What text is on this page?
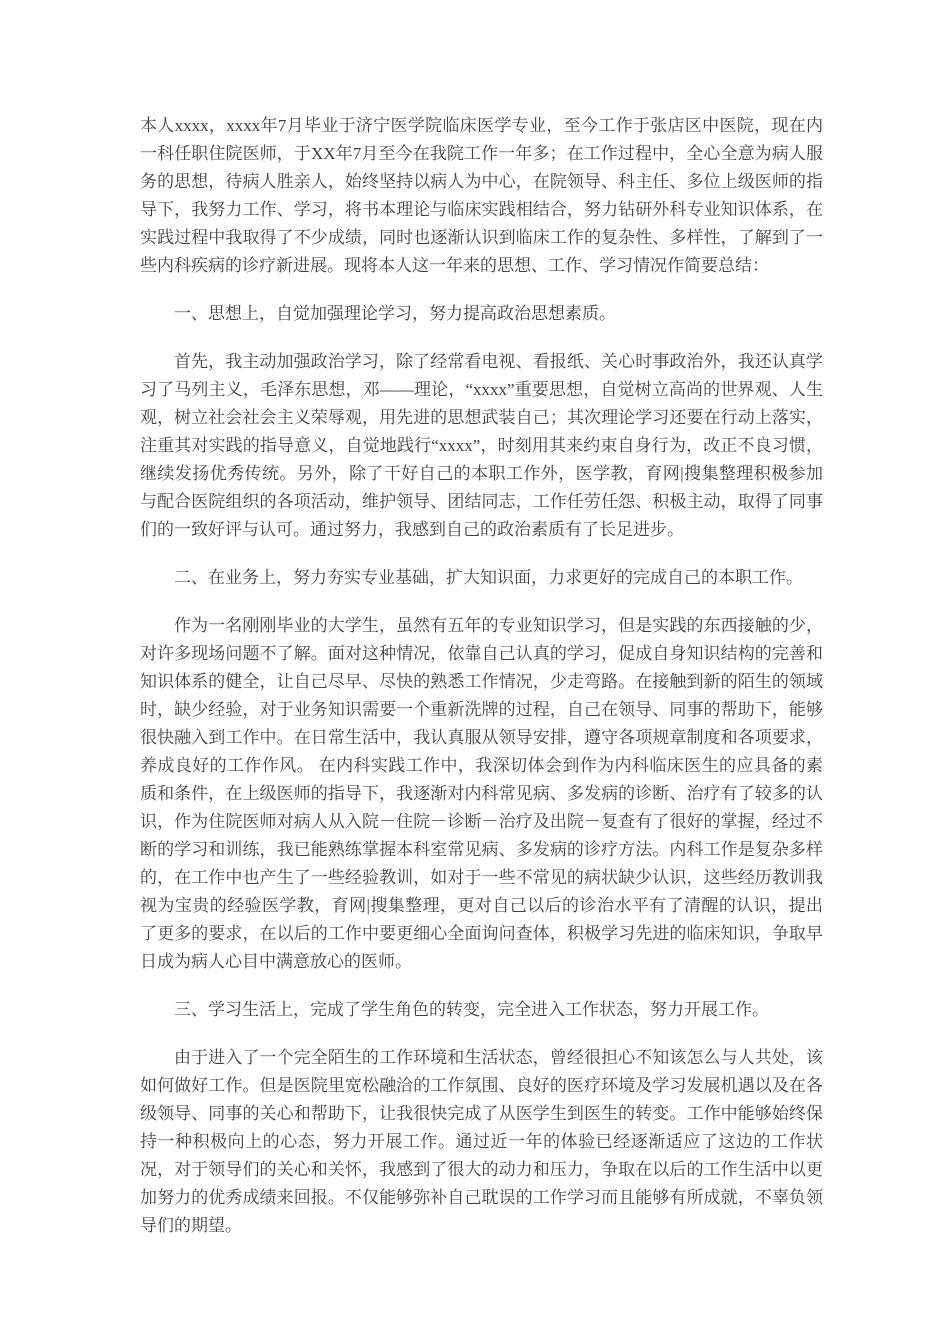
本人xxxx，xxxx年7月毕业于济宁医学院临床医学专业，至今工作于张店区中医院，现在内一科任职住院医师，于XX年7月至今在我院工作一年多；在工作过程中，全心全意为病人服务的思想，待病人胜亲人，始终坚持以病人为中心，在院领导、科主任、多位上级医师的指导下，我努力工作、学习，将书本理论与临床实践相结合，努力钻研外科专业知识体系，在实践过程中我取得了不少成绩，同时也逐渐认识到临床工作的复杂性、多样性，了解到了一些内科疾病的诊疗新进展。现将本人这一年来的思想、工作、学习情况作简要总结：

一、思想上，自觉加强理论学习，努力提高政治思想素质。

首先，我主动加强政治学习，除了经常看电视、看报纸、关心时事政治外，我还认真学习了马列主义，毛泽东思想，邓——理论，“xxxx”重要思想，自觉树立高尚的世界观、人生观，树立社会社会主义荣辱观，用先进的思想武装自己；其次理论学习还要在行动上落实，注重其对实践的指导意义，自觉地践行“xxxx”，时刻用其来约束自身行为，改正不良习惯，继续发扬优秀传统。另外，除了干好自己的本职工作外，医学教，育网|搜集整理积极参加与配合医院组织的各项活动，维护领导、团结同志，工作任劳任怨、积极主动，取得了同事们的一致好评与认可。通过努力，我感到自己的政治素质有了长足进步。

二、在业务上，努力夯实专业基础，扩大知识面，力求更好的完成自己的本职工作。

作为一名刚刚毕业的大学生，虽然有五年的专业知识学习，但是实践的东西接触的少，对许多现场问题不了解。面对这种情况，依靠自己认真的学习，促成自身知识结构的完善和知识体系的健全，让自己尽早、尽快的熟悉工作情况，少走弯路。在接触到新的陌生的领域时，缺少经验，对于业务知识需要一个重新洗牌的过程，自己在领导、同事的帮助下，能够很快融入到工作中。在日常生活中，我认真服从领导安排，遵守各项规章制度和各项要求，养成良好的工作作风。 在内科实践工作中，我深切体会到作为内科临床医生的应具备的素质和条件，在上级医师的指导下，我逐渐对内科常见病、多发病的诊断、治疗有了较多的认识，作为住院医师对病人从入院－住院－诊断－治疗及出院－复查有了很好的掌握，经过不断的学习和训练，我已能熟练掌握本科室常见病、多发病的诊疗方法。内科工作是复杂多样的，在工作中也产生了一些经验教训，如对于一些不常见的病状缺少认识，这些经历教训我视为宝贵的经验医学教，育网|搜集整理，更对自己以后的诊治水平有了清醒的认识，提出了更多的要求，在以后的工作中要更细心全面询问查体，积极学习先进的临床知识，争取早日成为病人心目中满意放心的医师。

三、学习生活上，完成了学生角色的转变，完全进入工作状态，努力开展工作。

由于进入了一个完全陌生的工作环境和生活状态，曾经很担心不知该怎么与人共处，该如何做好工作。但是医院里宽松融洽的工作氛围、良好的医疗环境及学习发展机遇以及在各级领导、同事的关心和帮助下，让我很快完成了从医学生到医生的转变。工作中能够始终保持一种积极向上的心态，努力开展工作。通过近一年的体验已经逐渐适应了这边的工作状况，对于领导们的关心和关怀，我感到了很大的动力和压力，争取在以后的工作生活中以更加努力的优秀成绩来回报。不仅能够弥补自己耽误的工作学习而且能够有所成就，不辜负领导们的期望。
